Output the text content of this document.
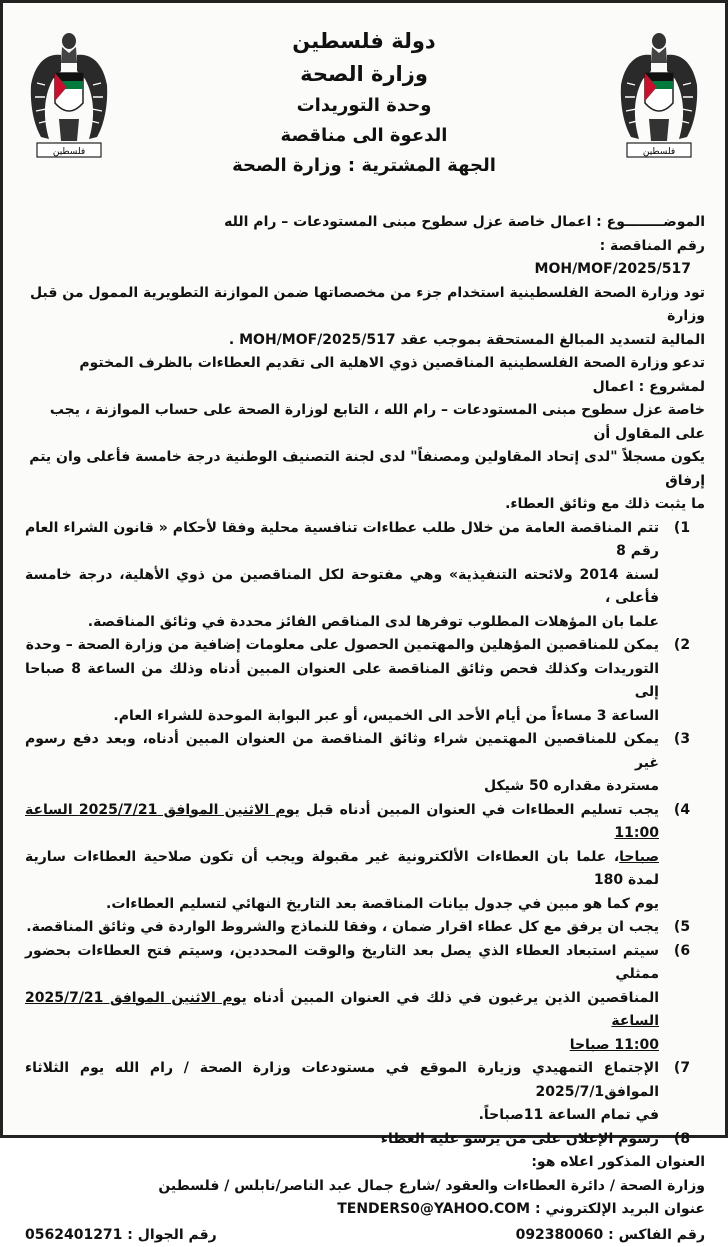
فلسطين
فلسطين
دولة فلسطين
وزارة الصحة
وحدة التوريدات
الدعوة الى مناقصة
الجهة المشترية : وزارة الصحة

الموضــــــــوع : اعمال خاصة عزل سطوح مبنى المستودعات – رام الله

رقم المناقصة :

MOH/MOF/2025/517

تود وزارة الصحة الفلسطينية استخدام جزء من مخصصاتها ضمن الموازنة التطويرية الممول من قبل وزارة
المالية لتسديد المبالغ المستحقة بموجب عقد MOH/MOF/2025/517 .

تدعو وزارة الصحة الفلسطينية المناقصين ذوي الاهلية الى تقديم العطاءات بالظرف المختوم لمشروع : اعمال
خاصة عزل سطوح مبنى المستودعات – رام الله ، التابع لوزارة الصحة على حساب الموازنة ، يجب على المقاول أن
يكون مسجلاً "لدى إتحاد المقاولين ومصنفاً" لدى لجنة التصنيف الوطنية درجة خامسة فأعلى وان يتم إرفاق
ما يثبت ذلك مع وثائق العطاء.

1)
تتم المناقصة العامة من خلال طلب عطاءات تنافسية محلية وفقا لأحكام « قانون الشراء العام رقم 8
لسنة 2014 ولائحته التنفيذية» وهي مفتوحة لكل المناقصين من ذوي الأهلية، درجة خامسة فأعلى ،
علما بان المؤهلات المطلوب توفرها لدى المناقص الفائز محددة في وثائق المناقصة.
2)
يمكن للمناقصين المؤهلين والمهتمين الحصول على معلومات إضافية من وزارة الصحة – وحدة
التوريدات وكذلك فحص وثائق المناقصة على العنوان المبين أدناه وذلك من الساعة 8 صباحا إلى
الساعة 3 مساءاً من أيام الأحد الى الخميس، أو عبر البوابة الموحدة للشراء العام.
3)
يمكن للمناقصين المهتمين شراء وثائق المناقصة من العنوان المبين أدناه، وبعد دفع رسوم غير
مستردة مقداره 50 شيكل
4)
يجب تسليم العطاءات في العنوان المبين أدناه قبل يوم الاثنين الموافق 2025/7/21 الساعة 11:00
صباحا، علما بان العطاءات الألكترونية غير مقبولة ويجب أن تكون صلاحية العطاءات سارية لمدة 180
يوم كما هو مبين في جدول بيانات المناقصة بعد التاريخ النهائي لتسليم العطاءات.
5)
يجب ان يرفق مع كل عطاء اقرار ضمان ، وفقا للنماذج والشروط الواردة في وثائق المناقصة.
6)
سيتم استبعاد العطاء الذي يصل بعد التاريخ والوقت المحددين، وسيتم فتح العطاءات بحضور ممثلي
المناقصين الذين يرغبون في ذلك في العنوان المبين أدناه يوم الاثنين الموافق 2025/7/21 الساعة
11:00 صباحا
7)
الإجتماع التمهيدي وزيارة الموقع في مستودعات وزارة الصحة / رام الله يوم الثلاثاء الموافق2025/7/1
في تمام الساعة 11صباحاً.
8)
رسوم الإعلان على من يرسو عليه العطاء

العنوان المذكور اعلاه هو:

وزارة الصحة / دائرة العطاءات والعقود /شارع جمال عبد الناصر/نابلس / فلسطين

عنوان البريد الإلكتروني : TENDERS0@YAHOO.COM

رقم الفاكس : 092380060
رقم الجوال : 0562401271
